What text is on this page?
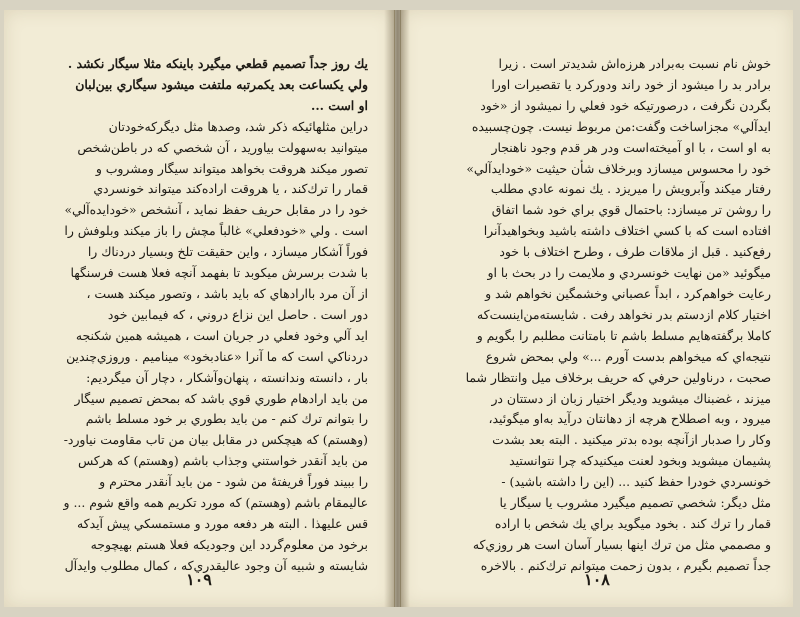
يك روز جداً تصميم قطعي ميگيرد باينكه مثلا سيگار نكشد .
ولي يكساعت بعد يكمرتبه ملتفت ميشود سيگاري بين‌لبان
او است ...
دراين مثلهائيكه ذكر شد، وصدها مثل ديگر‌كه‌خودتان
ميتوانيد به‌سهولت بياوريد ، آن شخصي كه در باطن‌شخص
تصور ميكند هروقت بخواهد ميتواند سيگار ومشروب و
قمار را ترك‌كند ، يا هروقت اراده‌كند ميتواند خونسردي
خود را در مقابل حريف حفظ نمايد ، آنشخص «خودايده‌آلي»
است . ولي «خودفعلي» غالباً مچش را باز ميكند وبلوفش را
فوراً آشكار ميسازد ، واين حقيقت تلخ وبسيار دردناك را
با شدت برسرش ميكوبد تا بفهمد آنچه فعلا هست فرسنگها
از آن مرد باارادهاي كه بايد باشد ، وتصور ميكند هست ،
دور است . حاصل اين نزاع دروني ، كه فيمابين خود
ايد آلي وخود فعلي در جريان است ، هميشه همين شكنجه
دردناكي است كه ما آنرا «عنادبخود» ميناميم . وروزي‌چندين
بار ، دانسته وندانسته ، پنهان‌وآشكار ، دچار آن ميگرديم:
من بايد ارادهام طوري قوي باشد كه بمحض تصميم سيگار
را بتوانم ترك كنم - من بايد بطوري بر خود مسلط باشم
(وهستم) كه هيچكس در مقابل بيان من تاب مقاومت نياورد-
من بايد آنقدر خواستني وجذاب باشم (وهستم) كه هركس
را ببيند فوراً فريفتهٔ من شود - من بايد آنقدر محترم و
عاليمقام باشم (وهستم) كه مورد تكريم همه واقع شوم ... و
قس عليهذا . البته هر دفعه مورد و مستمسكي پيش آيدكه
برخود من معلوم‌گردد اين وجوديكه فعلا هستم بهيچوجه
شايسته و شبيه آن وجود عاليقدري‌كه ، كمال مطلوب وايدآل
۱۰۹
خوش نام نسبت به‌برادر هرزه‌اش شديدتر است . زيرا
برادر بد را ميشود از خود راند ودوركرد يا تقصيرات اورا
بگردن نگرفت ، درصورتيكه خود فعلي را نميشود از «خود
ايدآلي» مجزاساخت وگفت:من مربوط نيست. چون‌چسبيده
به او است ، با او آميخته‌است ودر هر قدم وجود ناهنجار
خود را محسوس ميسازد وبرخلاف شأن حيثيت «خودايدآلي»
رفتار ميكند وآبرويش را ميريزد . يك نمونه عادي مطلب
را روشن تر ميسازد: باحتمال قوي براي خود شما اتفاق
افتاده است كه با كسي اختلاف داشته باشيد وبخواهيدآنرا
رفع‌كنيد . قبل از ملاقات طرف ، وطرح اختلاف با خود
ميگوئيد «من نهايت خونسردي و ملايمت را در بحث با او
رعايت خواهم‌كرد ، ابداً عصباني وخشمگين نخواهم شد و
اختيار كلام ازدستم بدر نخواهد رفت . شايسته‌من‌اينست‌كه
كاملا برگفته‌هايم مسلط باشم تا بامتانت مطلبم را بگويم و
نتيجه‌اي كه ميخواهم بدست آورم ...» ولي بمحض شروع
صحبت ، درناولين حرفي كه حريف برخلاف ميل وانتظار شما
ميزند ، غضبناك ميشويد وديگر اختيار زبان از دستتان در
ميرود ، وبه اصطلاح هرچه از دهانتان درآيد به‌او ميگوئيد،
وكار را صدبار ازآنچه بوده بدتر ميكنيد . البته بعد بشدت
پشيمان ميشويد وبخود لعنت ميكنيد‌كه چرا نتوانستيد
خونسردي خودرا حفظ كنيد ... (اين را داشته باشيد) -
مثل ديگر: شخصي تصميم ميگيرد مشروب يا سيگار يا
قمار را ترك كند . بخود ميگويد براي يك شخص با اراده
و مصممي مثل من ترك اينها بسيار آسان است هر روزي‌كه
جداً تصميم بگيرم ، بدون زحمت ميتوانم ترك‌كنم . بالاخره
۱۰۸
